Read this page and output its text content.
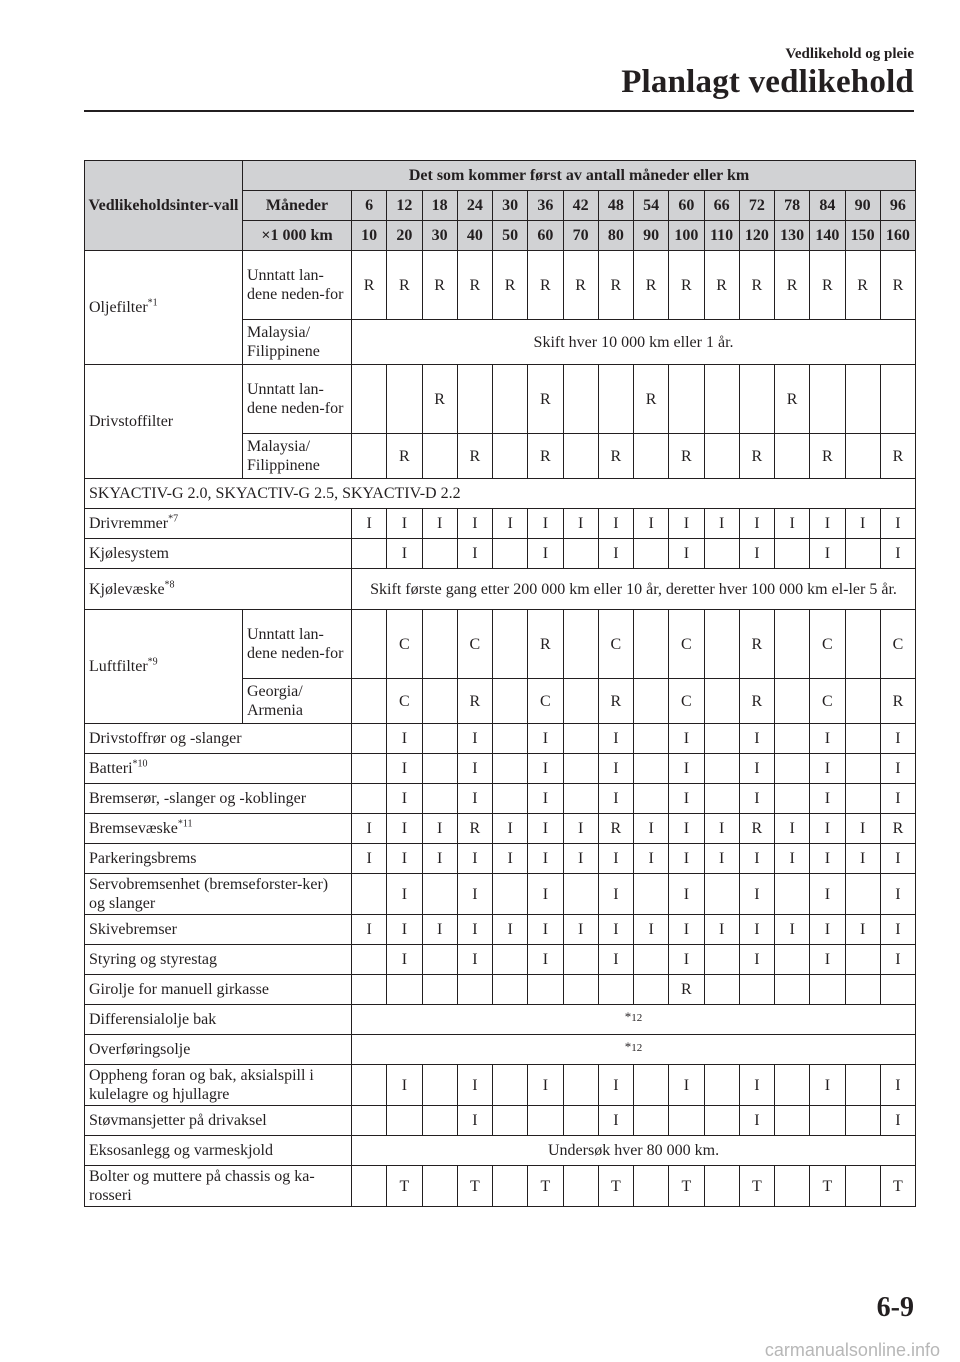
Vedlikehold og pleie
Planlagt vedlikehold
Vedlikeholdsinter-vall	Det som kommer først av antall måneder eller km																
	Måneder	6	12	18	24	30	36	42	48	54	60	66	72	78	84	90	96
	×1 000 km	10	20	30	40	50	60	70	80	90	100	110	120	130	140	150	160
Oljefilter$^{*1}$	Unntatt lan-dene neden-for	R	R	R	R	R	R	R	R	R	R	R	R	R	R	R	R
	Malaysia/ Filippinene	Skift hver 10 000 km eller 1 år.															
Drivstoffilter	Unntatt lan-dene neden-for			R			R			R				R			
	Malaysia/ Filippinene		R		R		R		R		R		R		R		R
SKYACTIV-G 2.0, SKYACTIV-G 2.5, SKYACTIV-D 2.2																	
Drivremmer$^{*7}$		I	I	I	I	I	I	I	I	I	I	I	I	I	I	I	I
Kjølesystem			I		I		I		I		I		I		I		I
Kjølevæske$^{*8}$		Skift første gang etter 200 000 km eller 10 år, deretter hver 100 000 km el-ler 5 år.															
Luftfilter$^{*9}$	Unntatt lan-dene neden-for		C		C		R		C		C		R		C		C
	Georgia/ Armenia		C		R		C		R		C		R		C		R
Drivstoffrør og -slanger			I		I		I		I		I		I		I		I
Batteri$^{*10}$			I		I		I		I		I		I		I		I
Bremserør, -slanger og -koblinger			I		I		I		I		I		I		I		I
Bremsevæske$^{*11}$		I	I	I	R	I	I	I	R	I	I	I	R	I	I	I	R
Parkeringsbrems		I	I	I	I	I	I	I	I	I	I	I	I	I	I	I	I
Servobremsenhet (bremseforster-ker) og slanger			I		I		I		I		I		I		I		I
Skivebremser		I	I	I	I	I	I	I	I	I	I	I	I	I	I	I	I
Styring og styrestag			I		I		I		I		I		I		I		I
Girolje for manuell girkasse											R						
Differensialolje bak		*12															
Overføringsolje		*12															
Oppheng foran og bak, aksialspill i kulelagre og hjullagre			I		I		I		I		I		I		I		I
Støvmansjetter på drivaksel					I				I				I				I
Eksosanlegg og varmeskjold		Undersøk hver 80 000 km.															
Bolter og muttere på chassis og ka-rosseri			T		T		T		T		T		T		T		T
6-9
carmanualsonline.info
